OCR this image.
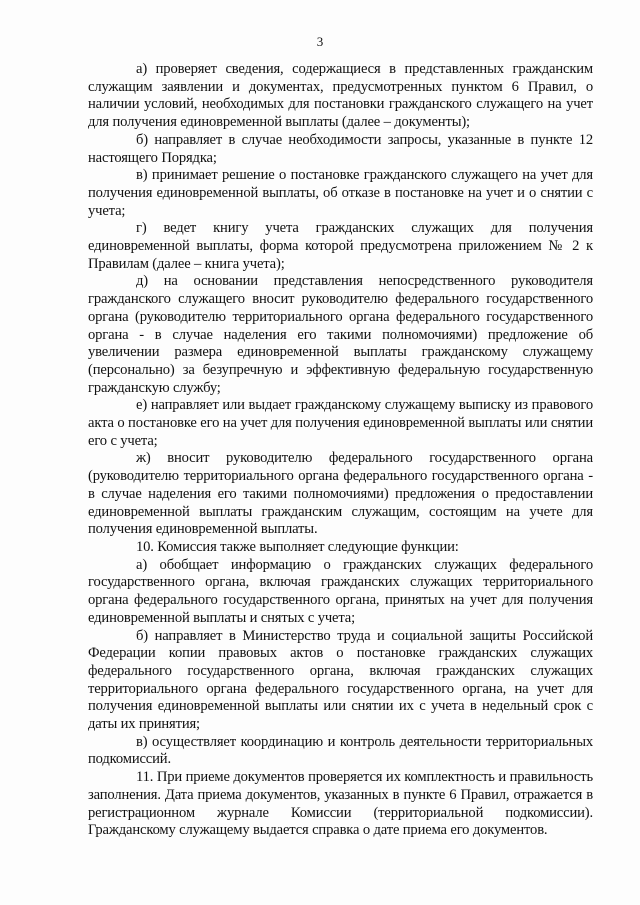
3

а) проверяет сведения, содержащиеся в представленных гражданским служащим заявлении и документах, предусмотренных пунктом 6 Правил, о наличии условий, необходимых для постановки гражданского служащего на учет для получения единовременной выплаты (далее – документы);

б) направляет в случае необходимости запросы, указанные в пункте 12 настоящего Порядка;

в) принимает решение о постановке гражданского служащего на учет для получения единовременной выплаты, об отказе в постановке на учет и о снятии с учета;

г) ведет книгу учета гражданских служащих для получения единовременной выплаты, форма которой предусмотрена приложением № 2 к Правилам (далее – книга учета);

д) на основании представления непосредственного руководителя гражданского служащего вносит руководителю федерального государственного органа (руководителю территориального органа федерального государственного органа - в случае наделения его такими полномочиями) предложение об увеличении размера единовременной выплаты гражданскому служащему (персонально) за безупречную и эффективную федеральную государственную гражданскую службу;

е) направляет или выдает гражданскому служащему выписку из правового акта о постановке его на учет для получения единовременной выплаты или снятии его с учета;

ж) вносит руководителю федерального государственного органа (руководителю территориального органа федерального государственного органа - в случае наделения его такими полномочиями) предложения о предоставлении единовременной выплаты гражданским служащим, состоящим на учете для получения единовременной выплаты.

10. Комиссия также выполняет следующие функции:

а) обобщает информацию о гражданских служащих федерального государственного органа, включая гражданских служащих территориального органа федерального государственного органа, принятых на учет для получения единовременной выплаты и снятых с учета;

б) направляет в Министерство труда и социальной защиты Российской Федерации копии правовых актов о постановке гражданских служащих федерального государственного органа, включая гражданских служащих территориального органа федерального государственного органа, на учет для получения единовременной выплаты или снятии их с учета в недельный срок с даты их принятия;

в) осуществляет координацию и контроль деятельности территориальных подкомиссий.

11. При приеме документов проверяется их комплектность и правильность заполнения. Дата приема документов, указанных в пункте 6 Правил, отражается в регистрационном журнале Комиссии (территориальной подкомиссии). Гражданскому служащему выдается справка о дате приема его документов.
